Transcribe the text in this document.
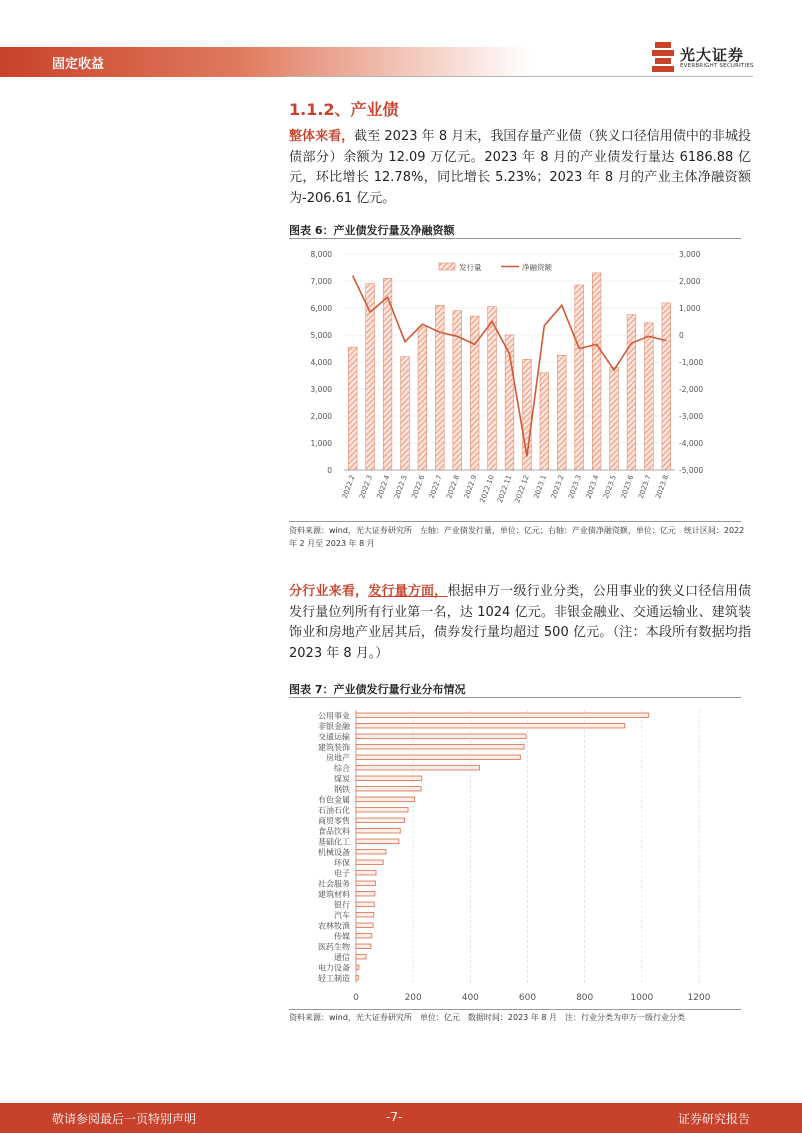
固定收益
光大证券
EVERBRIGHT SECURITIES
1.1.2、产业债
整体来看，截至 2023 年 8 月末，我国存量产业债（狭义口径信用债中的非城投债部分）余额为 12.09 万亿元。2023 年 8 月的产业债发行量达 6186.88 亿元，环比增长 12.78%，同比增长 5.23%；2023 年 8 月的产业主体净融资额为-206.61 亿元。
图表 6：产业债发行量及净融资额
0
1,000
2,000
3,000
4,000
5,000
6,000
7,000
8,000
-5,000
-4,000
-3,000
-2,000
-1,000
0
1,000
2,000
3,000
2022.2 2022.3 2022.4 2022.5 2022.6 2022.7 2022.8 2022.9 2022.10 2022.11 2022.12 2023.1 2023.2 2023.3 2023.4 2023.5 2023.6 2023.7 2023.8
发行量	净融资额
资料来源：wind，光大证券研究所　左轴：产业债发行量，单位：亿元；右轴：产业债净融资额，单位：亿元　统计区间：2022 年 2 月至 2023 年 8 月
分行业来看，发行量方面，根据申万一级行业分类，公用事业的狭义口径信用债发行量位列所有行业第一名，达 1024 亿元。非银金融业、交通运输业、建筑装饰业和房地产业居其后，债券发行量均超过 500 亿元。（注：本段所有数据均指 2023 年 8 月。）
图表 7：产业债发行量行业分布情况
0	200	400	600	800	1000	1200
公用事业
非银金融
交通运输
建筑装饰
房地产
综合
煤炭
钢铁
有色金属
石油石化
商贸零售
食品饮料
基础化工
机械设备
环保
电子
社会服务
建筑材料
银行
汽车
农林牧渔
传媒
医药生物
通信
电力设备
轻工制造
资料来源：wind，光大证券研究所　单位：亿元　数据时间：2023 年 8 月　注：行业分类为申万一级行业分类
敬请参阅最后一页特别声明	-7-	证券研究报告
